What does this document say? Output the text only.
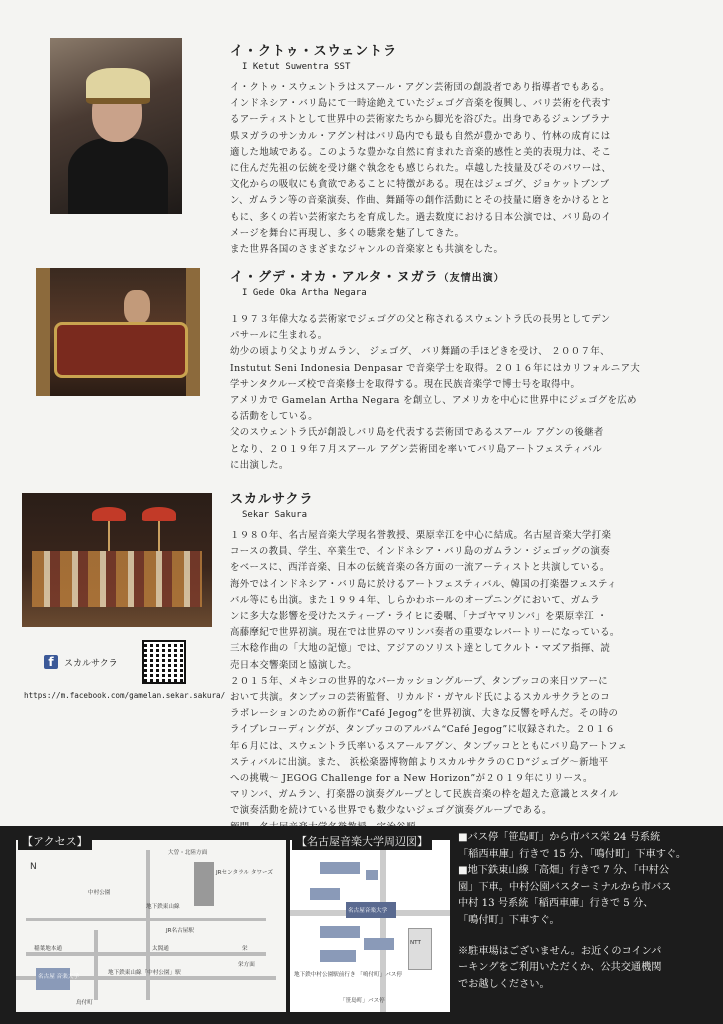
イ・クトゥ・スウェントラ
I Ketut Suwentra SST

イ・クトゥ・スウェントラはスアール・アグン芸術団の創設者であり指導者でもある。

インドネシア・バリ島にて一時途絶えていたジェゴグ音楽を復興し、バリ芸術を代表す

るアーティストとして世界中の芸術家たちから脚光を浴びた。出身であるジュンブラナ

県ヌガラのサンカル・アグン村はバリ島内でも最も自然が豊かであり、竹林の成育には

適した地域である。このような豊かな自然に育まれた音楽的感性と美的表現力は、そこ

に住んだ先祖の伝統を受け継ぐ執念をも感じられた。卓越した技量及びそのパワーは、

文化からの吸収にも貪欲であることに特徴がある。現在はジェゴグ、ジョケットブンブ

ン、ガムラン等の音楽演奏、作曲、舞踊等の創作活動にとその技量に磨きをかけるとと

もに、多くの若い芸術家たちを育成した。過去数度における日本公演では、バリ島のイ

メージを舞台に再現し、多くの聴衆を魅了してきた。

また世界各国のさまざまなジャンルの音楽家とも共演をした。

イ・グデ・オカ・アルタ・ヌガラ（友情出演）
I Gede Oka Artha Negara

１９７３年偉大なる芸術家でジェゴグの父と称されるスウェントラ氏の長男としてデン

パサールに生まれる。

幼少の頃より父よりガムラン、 ジェゴグ、 バリ舞踊の手ほどきを受け、 ２００７年、

Instutut Seni Indonesia Denpasar で音楽学士を取得。２０１６年にはカリフォルニア大

学サンタクルーズ校で音楽修士を取得する。現在民族音楽学で博士号を取得中。

アメリカで Gamelan Artha Negara を創立し、アメリカを中心に世界中にジェゴグを広め

る活動をしている。

父のスウェントラ氏が創設しバリ島を代表する芸術団であるスアール アグンの後継者

となり、２０１９年７月スアール アグン芸術団を率いてバリ島アートフェスティバル

に出演した。

スカルサクラ
Sekar Sakura

１９８０年、名古屋音楽大学現名誉教授、栗原幸江を中心に結成。名古屋音楽大学打楽

コースの教員、学生、卒業生で、インドネシア・バリ島のガムラン・ジェゴッグの演奏

をベースに、西洋音楽、日本の伝統音楽の各方面の一流アーティストと共演している。

海外ではインドネシア・バリ島に於けるアートフェスティバル、韓国の打楽器フェスティ

バル等にも出演。また１９９４年、しらかわホールのオープニングにおいて、ガムラ

ンに多大な影響を受けたスティーブ・ライヒに委嘱、「ナゴヤマリンバ」を栗原幸江 ・

高藤摩紀で世界初演。現在では世界のマリンバ奏者の重要なレパートリーになっている。

三木稔作曲の「大地の記憶」では、アジアのソリスト達としてクルト・マズア指揮、読

売日本交響楽団と協演した。

２０１５年、メキシコの世界的なパーカッショングループ、タンブッコの来日ツアーに

おいて共演。タンブッコの芸術監督、リカルド・ガヤルド氏によるスカルサクラとのコ

ラボレーションのための新作“Café Jegog”を世界初演、大きな反響を呼んだ。その時の

ライブレコーディングが、タンブッコのアルバム“Café Jegog”に収録された。２０１６

年６月には、スウェントラ氏率いるスアールアグン、タンブッコとともにバリ島アートフェ

スティバルに出演。また、 浜松楽器博物館よりスカルサクラのＣＤ“ジェゴグ～新地平

への挑戦～ JEGOG Challenge for a New Horizon”が２０１９年にリリース。

マリンバ、ガムラン、打楽器の演奏グループとして民族音楽の枠を超えた意識とスタイル

で演奏活動を続けている世界でも数少ないジェゴグ演奏グループである。

f	スカルサクラ
https://m.facebook.com/gamelan.sekar.sakura/
N
大曽・北陸方面
JRセンタラル タワーズ
中村公園
地下鉄東山線
JR名古屋駅
稲葉地本通	太閤通	栄
地下鉄東山線「中村公園」駅
名古屋 音楽大学
鳥付町
栄方面
【アクセス】
名古屋音楽大学
NTT
地下鉄中村公園駅前行き 「鳴付町」バス停
「笹島町」バス停
【名古屋音楽大学周辺図】	■バス停「笹島町」から市バス栄 24 号系統

「稲西車庫」行きで 15 分、「鳴付町」下車すぐ。

■地下鉄東山線「高畑」行きで 7 分、「中村公

園」下車。中村公園バスターミナルから市バス

中村 13 号系統「稲西車庫」行きで 5 分、

「鳴付町」下車すぐ。

※駐車場はございません。お近くのコインパ

ーキングをご利用いただくか、公共交通機関

でお越しください。
